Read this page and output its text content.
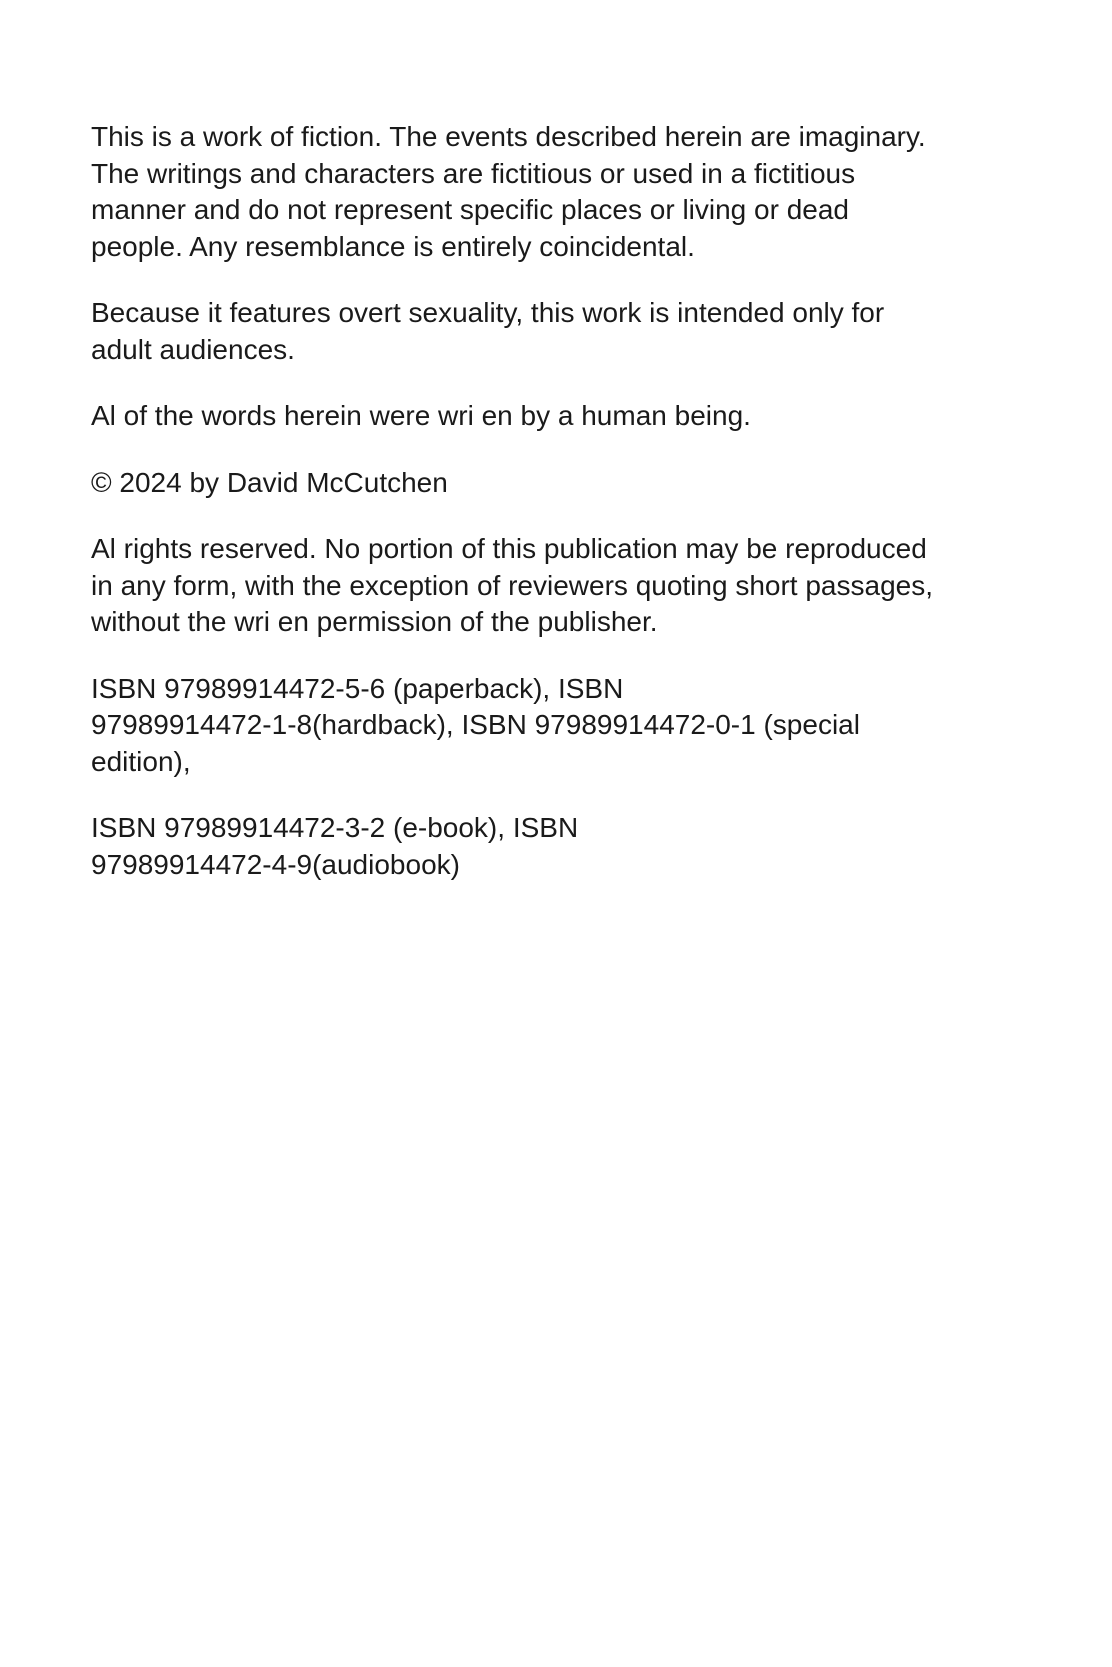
This is a work of fiction. The events described herein are imaginary.
The writings and characters are fictitious or used in a fictitious
manner and do not represent specific places or living or dead
people. Any resemblance is entirely coincidental.

Because it features overt sexuality, this work is intended only for
adult audiences.

Al of the words herein were wri en by a human being.

© 2024 by David McCutchen

Al rights reserved. No portion of this publication may be reproduced
in any form, with the exception of reviewers quoting short passages,
without the wri en permission of the publisher.

ISBN 97989914472-5-6 (paperback), ISBN
97989914472-1-8(hardback), ISBN 97989914472-0-1 (special
edition),

ISBN 97989914472-3-2 (e-book), ISBN
97989914472-4-9(audiobook)
